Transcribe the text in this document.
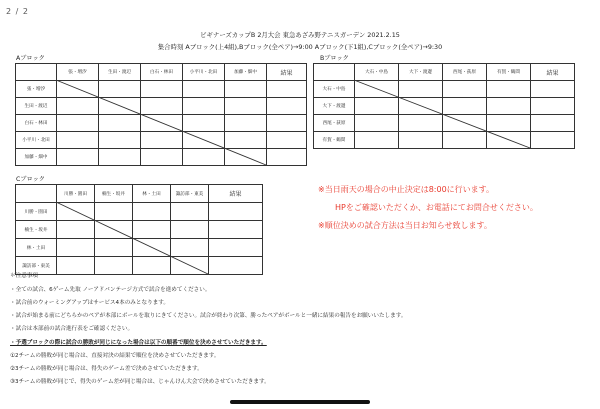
2 / 2
ビギナーズカップB 2月大会 東急あざみ野テニスガーデン 2021.2.15
集合時刻 Aブロック(上4組),Bブロック(全ペア)→9:00 Aブロック(下1組),Cブロック(全ペア)→9:30
Aブロック
	張・増汐	生田・渡辺	白石・林田	小平川・北田	加藤・畑中	結果
張・増汐						
生田・渡辺						
白石・林田						
小平川・北田						
加藤・畑中						
Bブロック
	大石・中島	大下・渡邊	西尾・荻原	有賀・鶴間	結果
大石・中島					
大下・渡邊					
西尾・荻原					
有賀・鶴間					
Cブロック
	川勝・園田	楠生・坂井	林・土田	諏訪部・東美	結果
川勝・園田					
楠生・坂井					
林・土田					
諏訪部・東美					
※当日雨天の場合の中止決定は8:00に行います。
HPをご確認いただくか、お電話にてお問合せください。
※順位決めの試合方法は当日お知らせ致します。
＊注意事項
・全ての試合、6ゲーム先取 ノーアドバンテージ方式で試合を進めてください。
・試合前のウォーミングアップはサービス4本のみとなります。
・試合が始まる前にどちらかのペアが本部にボールを取りにきてください。試合が終わり次第、勝ったペアがボールと一緒に結果の報告をお願いいたします。
・試合は本部前の試合進行表をご確認ください。
・予選ブロックの際に試合の勝敗が同じになった場合は以下の順番で順位を決めさせていただきます。
①2チームの勝敗が同じ場合は、直接対決の結果で順位を決めさせていただきます。
②3チームの勝敗が同じ場合は、得失のゲーム差で決めさせていただきます。
③3チームの勝敗が同じで、得失のゲーム差が同じ場合は、じゃんけん大会で決めさせていただきます。
